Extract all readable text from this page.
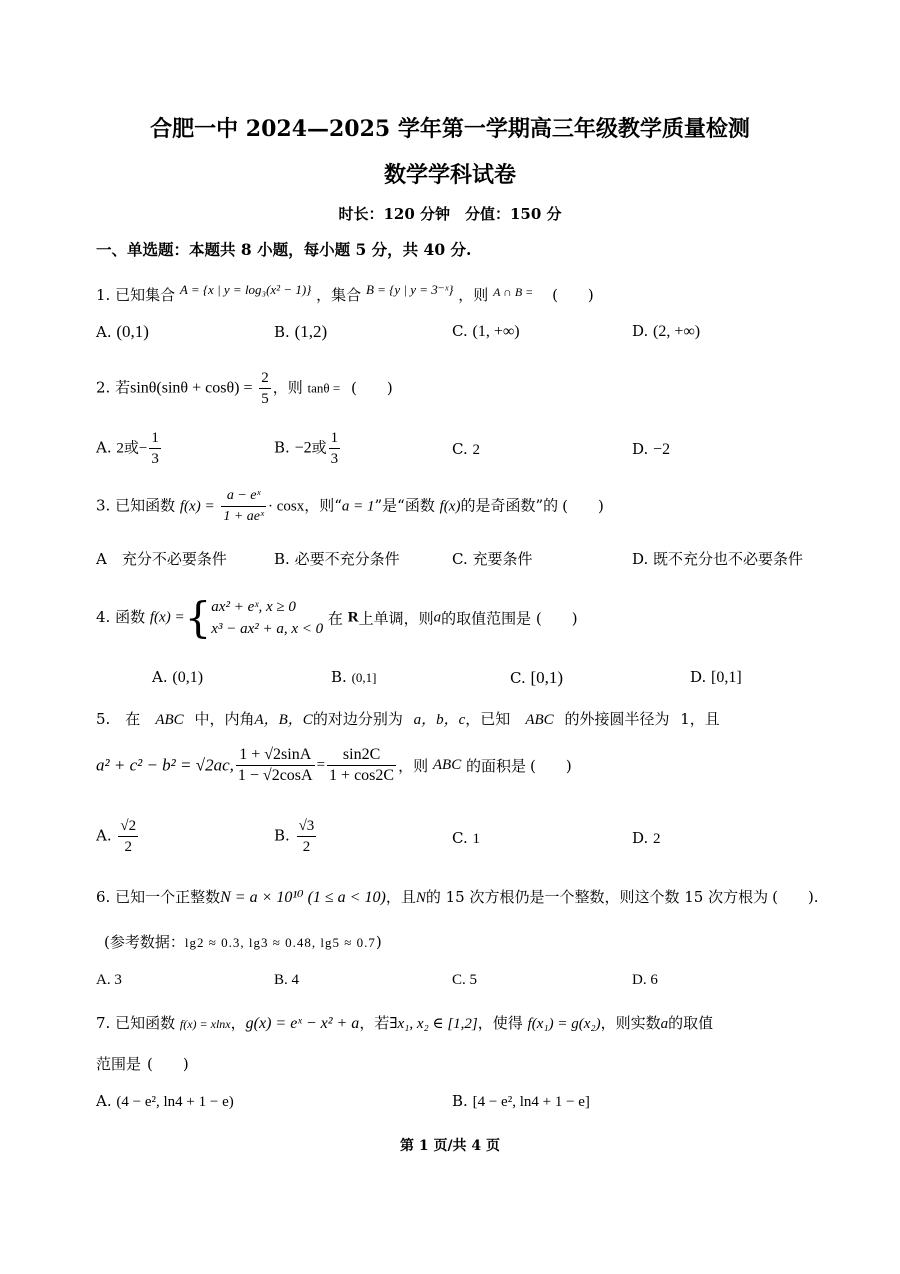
合肥一中 2024—2025 学年第一学期高三年级教学质量检测
数学学科试卷
时长：120 分钟　分值：150 分
一、单选题：本题共 8 小题，每小题 5 分，共 40 分.
1. 已知集合 A = {x | y = log₃(x² − 1)} ，集合 B = {y | y = 3⁻ˣ} ，则 $^{A \cap B =}$ (　　)
A. (0,1)	B. (1,2)	C. (1, +∞)	D. (2, +∞)
2. 若$\sin\theta(\sin\theta + \cos\theta) = \frac{2}{5}$ ，则 tanθ = (　　)
A. 2或− $\frac{1}{3}$	B. −2或 $\frac{1}{3}$	C. 2	D. −2
3. 已知函数 $f(x) = \frac{\text{a − eˣ}}{\text{1 + aeˣ}} \cdot \cos x$，则“a = 1”是“函数 f(x)的是奇函数”的 (　　)
A　 充分不必要条件	B. 必要不充分条件	C. 充要条件	D. 既不充分也不必要条件
4. 函数 f(x) ={ ax² + eˣ, x ≥ 0
x³ − ax² + a, x < 0
在 R上单调，则a的取值范围是 (　　)
A. (0,1)	B. (0,1]	C. [0,1)	D. [0,1]
5.　在　 ABC 中，内角A，B，C的对边分别为 a，b，c，已知　 ABC 的外接圆半径为 1，且
a² + c² − b² = √2ac, $\frac{1 + √2\sin A}{1 - √2\cos A} = \frac{\sin 2C}{1 + \cos 2C}$ ，则 ABC 的面积是 (　　)
A. $\frac{√2}{2}$	B. $\frac{√3}{2}$	C. 1	D. 2
6. 已知一个正整数N = a × 10¹⁰ (1 ≤ a < 10)，且N的 15 次方根仍是一个整数，则这个数 15 次方根为 (　　).
(参考数据：lg2 ≈ 0.3, lg3 ≈ 0.48, lg5 ≈ 0.7)
A. 3	B. 4	C. 5	D. 6
7. 已知函数 f(x) = xlnx，g(x) = eˣ − x² + a，若∃x₁, x₂ ∈ [1,2]，使得 f(x₁) = g(x₂)，则实数a的取值
范围是 (　　)
A. (4 − e², ln4 + 1 − e)	B. [4 − e², ln4 + 1 − e]
第 1 页/共 4 页
